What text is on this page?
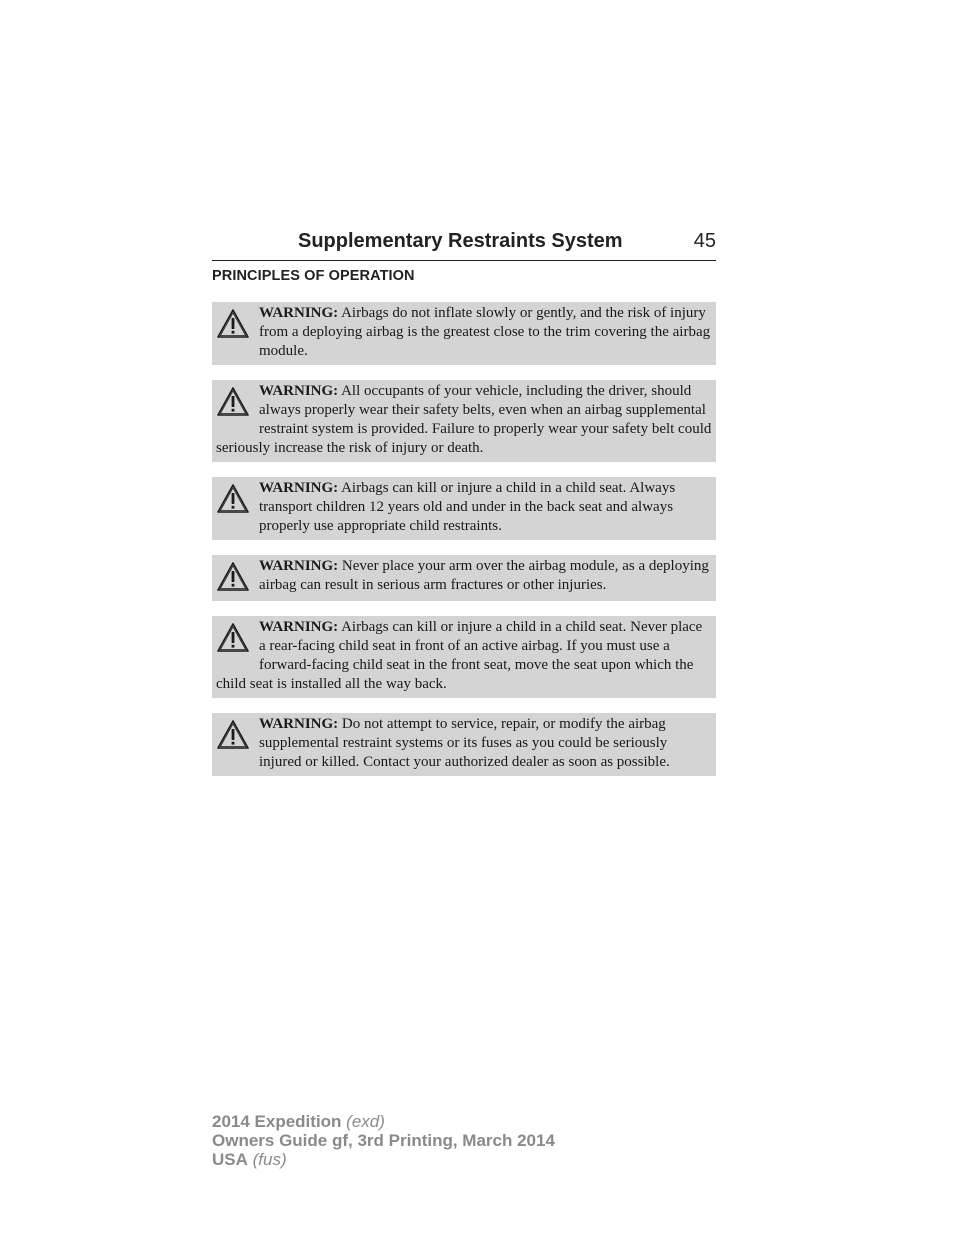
Supplementary Restraints System	45
PRINCIPLES OF OPERATION
WARNING: Airbags do not inflate slowly or gently, and the risk of injury from a deploying airbag is the greatest close to the trim covering the airbag module.
WARNING: All occupants of your vehicle, including the driver, should always properly wear their safety belts, even when an airbag supplemental restraint system is provided. Failure to properly wear your safety belt could seriously increase the risk of injury or death.
WARNING: Airbags can kill or injure a child in a child seat. Always transport children 12 years old and under in the back seat and always properly use appropriate child restraints.
WARNING: Never place your arm over the airbag module, as a deploying airbag can result in serious arm fractures or other injuries.
WARNING: Airbags can kill or injure a child in a child seat. Never place a rear-facing child seat in front of an active airbag. If you must use a forward-facing child seat in the front seat, move the seat upon which the child seat is installed all the way back.
WARNING: Do not attempt to service, repair, or modify the airbag supplemental restraint systems or its fuses as you could be seriously injured or killed. Contact your authorized dealer as soon as possible.
2014 Expedition (exd)
Owners Guide gf, 3rd Printing, March 2014
USA (fus)
